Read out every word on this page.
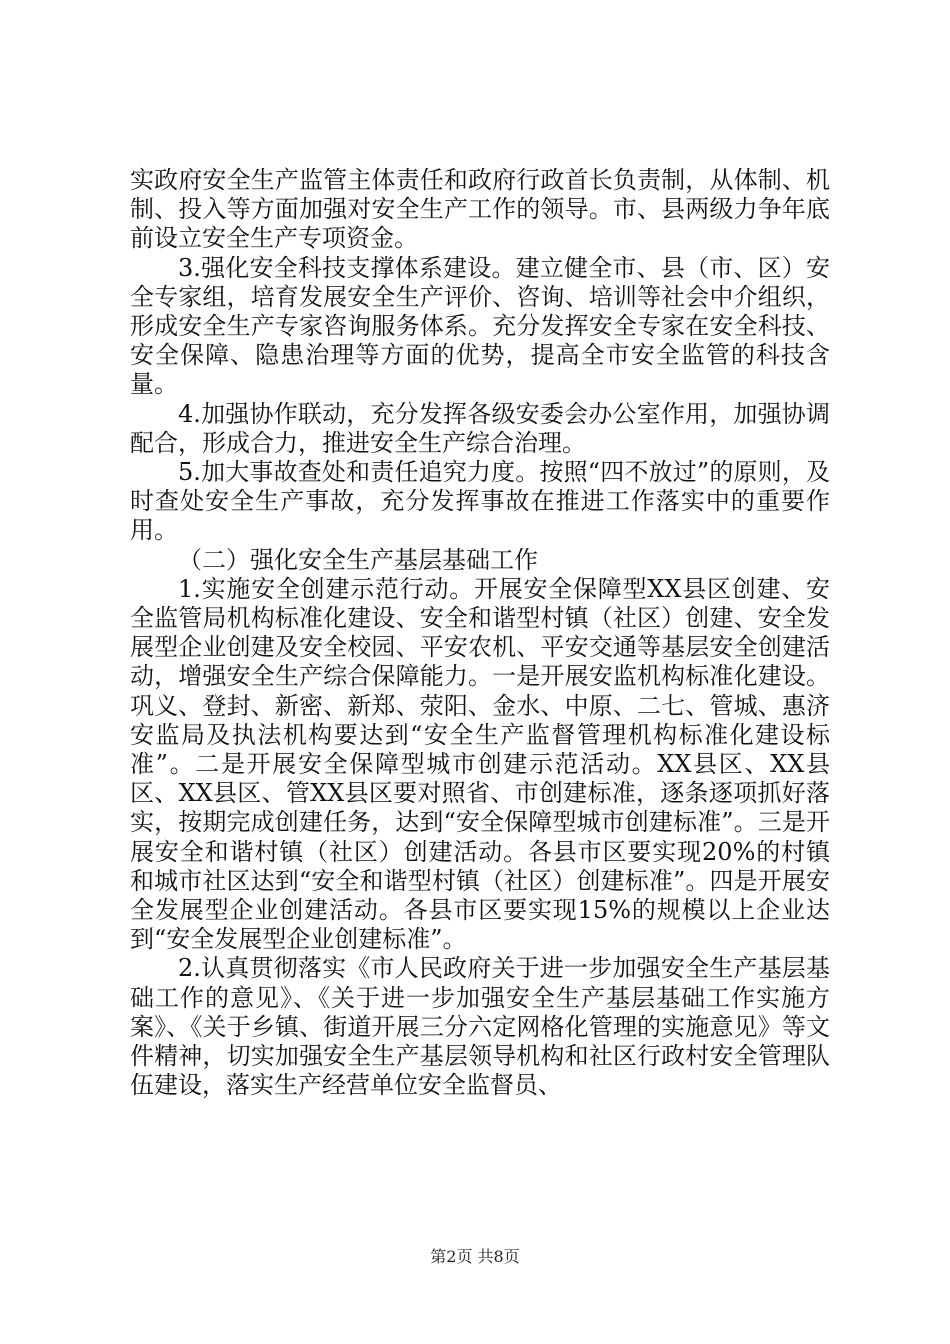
实政府安全生产监管主体责任和政府行政首长负责制，从体制、机制、投入等方面加强对安全生产工作的领导。市、县两级力争年底前设立安全生产专项资金。

3.强化安全科技支撑体系建设。建立健全市、县（市、区）安全专家组，培育发展安全生产评价、咨询、培训等社会中介组织，形成安全生产专家咨询服务体系。充分发挥安全专家在安全科技、安全保障、隐患治理等方面的优势，提高全市安全监管的科技含量。

4.加强协作联动，充分发挥各级安委会办公室作用，加强协调配合，形成合力，推进安全生产综合治理。

5.加大事故查处和责任追究力度。按照“四不放过”的原则，及时查处安全生产事故，充分发挥事故在推进工作落实中的重要作用。

（二）强化安全生产基层基础工作

1.实施安全创建示范行动。开展安全保障型XX县区创建、安全监管局机构标准化建设、安全和谐型村镇（社区）创建、安全发展型企业创建及安全校园、平安农机、平安交通等基层安全创建活动，增强安全生产综合保障能力。一是开展安监机构标准化建设。巩义、登封、新密、新郑、荥阳、金水、中原、二七、管城、惠济安监局及执法机构要达到“安全生产监督管理机构标准化建设标准”。二是开展安全保障型城市创建示范活动。XX县区、XX县区、XX县区、管XX县区要对照省、市创建标准，逐条逐项抓好落实，按期完成创建任务，达到“安全保障型城市创建标准”。三是开展安全和谐村镇（社区）创建活动。各县市区要实现20%的村镇和城市社区达到“安全和谐型村镇（社区）创建标准”。四是开展安全发展型企业创建活动。各县市区要实现15%的规模以上企业达到“安全发展型企业创建标准”。

2.认真贯彻落实《市人民政府关于进一步加强安全生产基层基础工作的意见》、《关于进一步加强安全生产基层基础工作实施方案》、《关于乡镇、街道开展三分六定网格化管理的实施意见》等文件精神，切实加强安全生产基层领导机构和社区行政村安全管理队伍建设，落实生产经营单位安全监督员、

第2页 共8页
